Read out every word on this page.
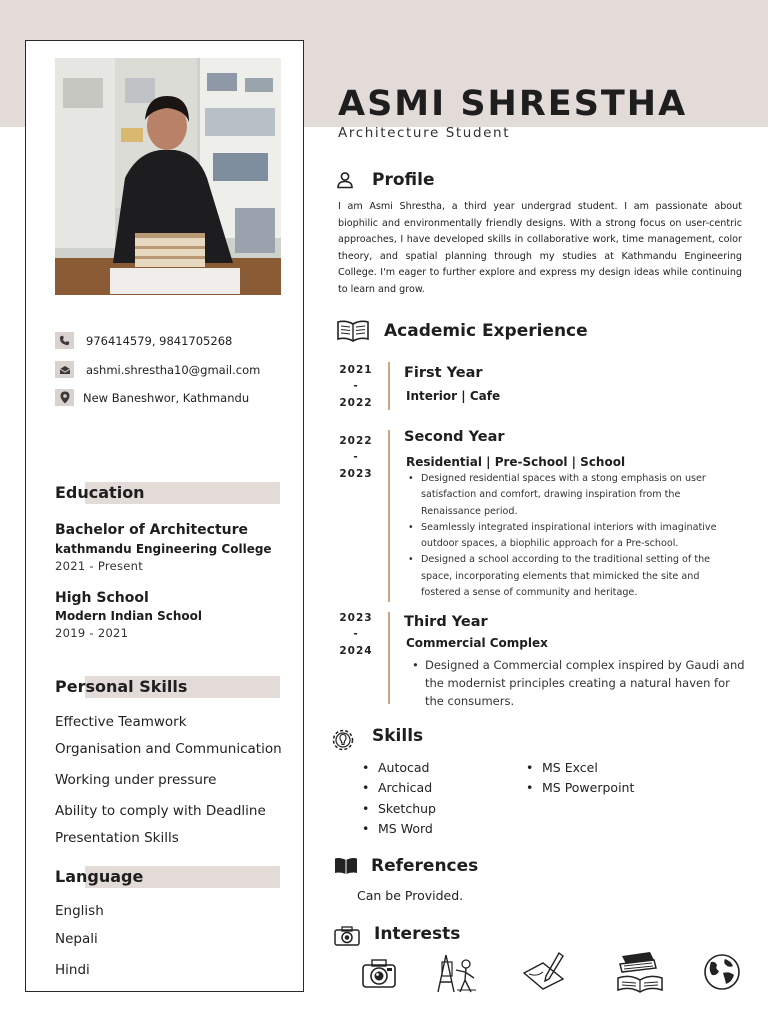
976414579, 9841705268
ashmi.shrestha10@gmail.com
New Baneshwor, Kathmandu
Education
Bachelor of Architecture
kathmandu Engineering College
2021 - Present
High School
Modern Indian School
2019 - 2021
Personal Skills
Effective Teamwork
Organisation and Communication
Working under pressure
Ability to comply with Deadline
Presentation Skills
Language
English
Nepali
Hindi
ASMI SHRESTHA
Architecture Student
Profile
I am Asmi Shrestha, a third year undergrad student. I am passionate about biophilic and environmentally friendly designs. With a strong focus on user-centric approaches, I have developed skills in collaborative work, time management, color theory, and spatial planning through my studies at Kathmandu Engineering College. I'm eager to further explore and express my design ideas while continuing to learn and grow.
Academic Experience
2021
-
2022
First Year
Interior | Cafe
2022
-
2023
Second Year
Residential | Pre-School | School
• Designed residential spaces with a stong emphasis on user satisfaction and comfort, drawing inspiration from the Renaissance period.
• Seamlessly integrated inspirational interiors with imaginative outdoor spaces, a biophilic approach for a Pre-school.
• Designed a school according to the traditional setting of the space, incorporating elements that mimicked the site and fostered a sense of community and heritage.
2023
-
2024
Third Year
Commercial Complex
• Designed a Commercial complex inspired by Gaudi and the modernist principles creating a natural haven for the consumers.
Skills
• Autocad
• Archicad
• Sketchup
• MS Word
• MS Excel
• MS Powerpoint
References
Can be Provided.
Interests
